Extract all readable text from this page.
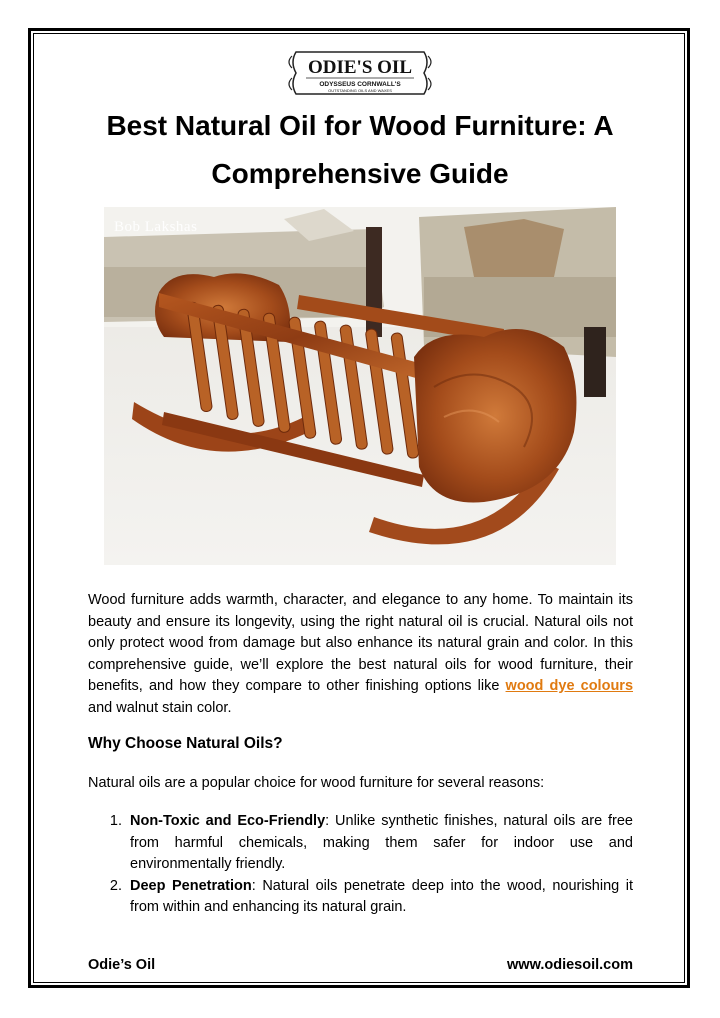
ODIE'S OIL
ODYSSEUS CORNWALL'S
OUTSTANDING OILS AND WAXES
Best Natural Oil for Wood Furniture: A Comprehensive Guide
Bob Lakshas

Wood furniture adds warmth, character, and elegance to any home. To maintain its beauty and ensure its longevity, using the right natural oil is crucial. Natural oils not only protect wood from damage but also enhance its natural grain and color. In this comprehensive guide, we’ll explore the best natural oils for wood furniture, their benefits, and how they compare to other finishing options like wood dye colours and walnut stain color.

Why Choose Natural Oils?

Natural oils are a popular choice for wood furniture for several reasons:

1. Non-Toxic and Eco-Friendly: Unlike synthetic finishes, natural oils are free from harmful chemicals, making them safer for indoor use and environmentally friendly.
2. Deep Penetration: Natural oils penetrate deep into the wood, nourishing it from within and enhancing its natural grain.
Odie’s Oil	www.odiesoil.com
